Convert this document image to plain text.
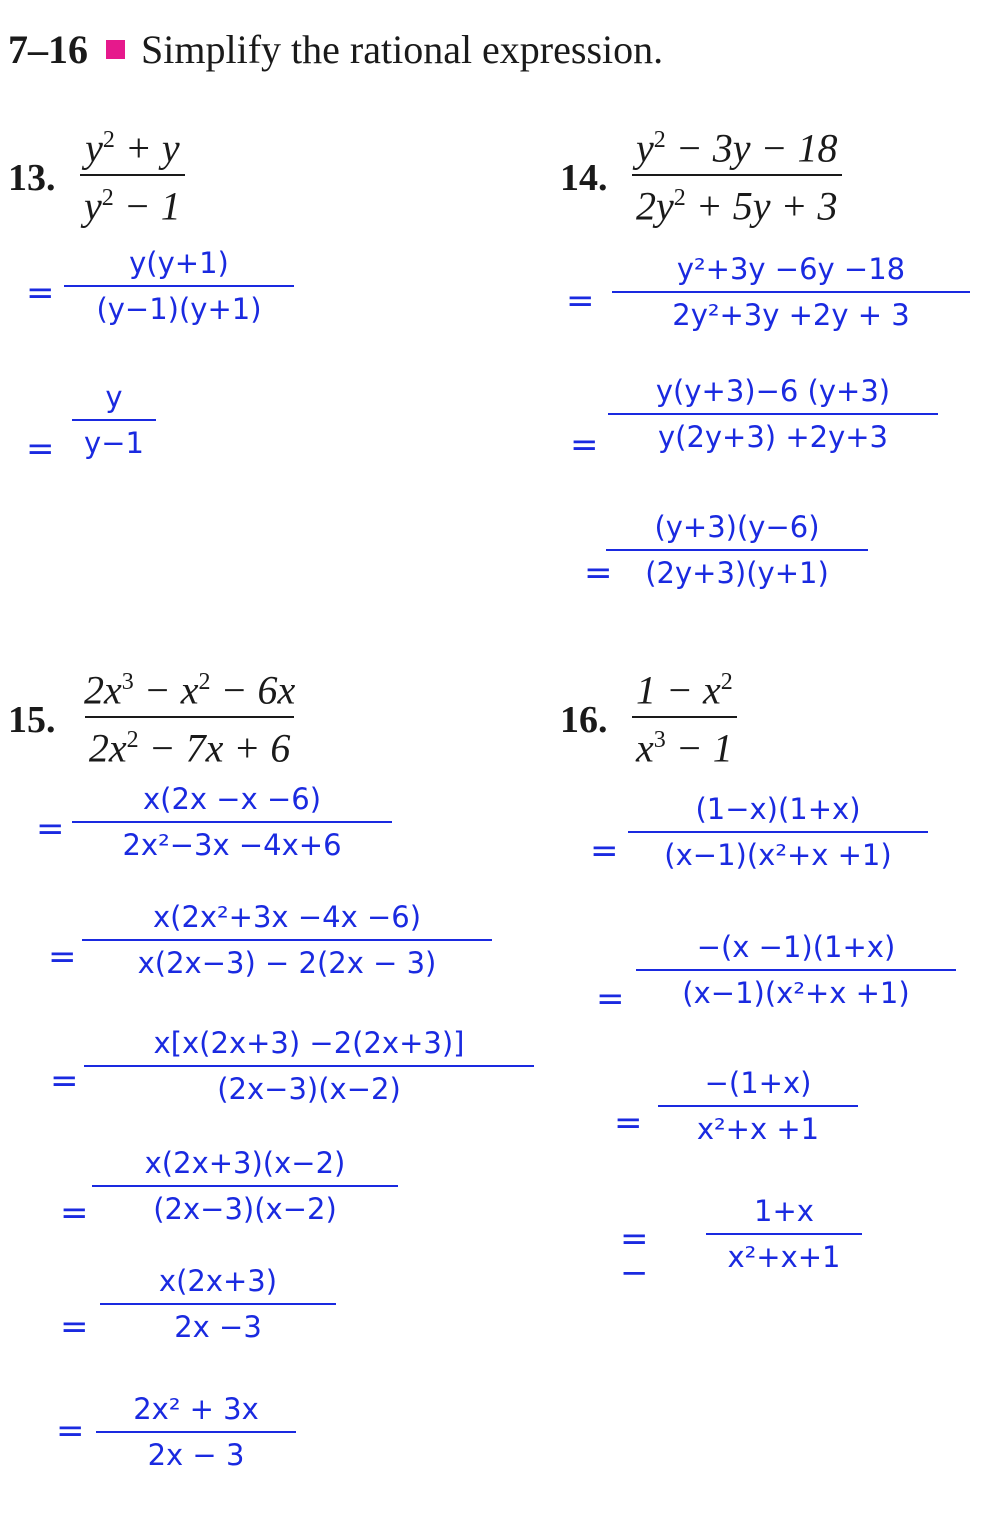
7–16 Simplify the rational expression.
13. $\frac{y^2 + y}{y^2 - 1}$	14. $\frac{y^2 - 3y - 18}{2y^2 + 5y + 3}$
15. $\frac{2x^3 - x^2 - 6x}{2x^2 - 7x + 6}$	16. $\frac{1 - x^2}{x^3 - 1}$
=
y(y+1)
(y−1)(y+1)
=
y
y−1
=
y²+3y −6y −18
2y²+3y +2y + 3
=
y(y+3)−6 (y+3)
y(2y+3) +2y+3
=
(y+3)(y−6)
(2y+3)(y+1)
=
x(2x −x −6)
2x²−3x −4x+6
=
x(2x²+3x −4x −6)
x(2x−3) − 2(2x − 3)
=
x[x(2x+3) −2(2x+3)]
(2x−3)(x−2)
=
x(2x+3)(x−2)
(2x−3)(x−2)
=
x(2x+3)
2x −3
=
2x² + 3x
2x − 3
=
(1−x)(1+x)
(x−1)(x²+x +1)
=
−(x −1)(1+x)
(x−1)(x²+x +1)
=
−(1+x)
x²+x +1
= −
1+x
x²+x+1
